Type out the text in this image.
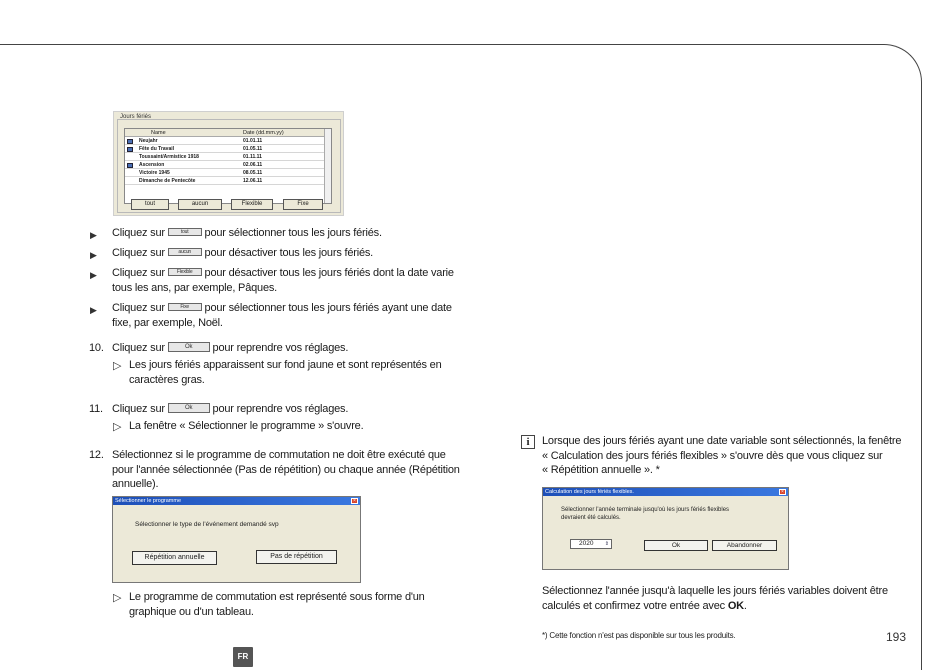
Jours fériés
Name	Date (dd.mm.yy)
Neujahr	01.01.11
Fête du Travail	01.05.11
Toussaint/Armistice 1918	01.11.11
Ascension	02.06.11
Victoire 1945	08.05.11
Dimanche de Pentecôte	12.06.11
tout	aucun	Flexible	Fixe
▶ Cliquez sur	tout pour sélectionner tous les jours fériés.
▶ Cliquez sur	aucun pour désactiver tous les jours fériés.
▶ Cliquez sur Flexible pour désactiver tous les jours fériés dont la date varie
tous les ans, par exemple, Pâques.
▶ Cliquez sur	Fixe pour sélectionner tous les jours fériés ayant une date
fixe, par exemple, Noël.
10. Cliquez sur	Ok pour reprendre vos réglages.
▷ Les jours fériés apparaissent sur fond jaune et sont représentés en
caractères gras.
11. Cliquez sur	Ok pour reprendre vos réglages.
▷ La fenêtre « Sélectionner le programme » s'ouvre.
12. Sélectionnez si le programme de commutation ne doit être exécuté que
pour l'année sélectionnée (Pas de répétition) ou chaque année (Répétition
annuelle).
Sélectionner le programme	×
Sélectionner le type de l'événement demandé svp
Répétition annuelle	Pas de répétition
▷ Le programme de commutation est représenté sous forme d'un
graphique ou d'un tableau.
FR
i	Lorsque des jours fériés ayant une date variable sont sélectionnés, la fenêtre
« Calculation des jours fériés flexibles » s'ouvre dès que vous cliquez sur
« Répétition annuelle ». *
Calculation des jours fériés flexibles.	×
Sélectionner l'année terminale jusqu'où les jours fériés flexibles
devraient été calculés.
2020 ⇕	Ok	Abandonner
Sélectionnez l'année jusqu'à laquelle les jours fériés variables doivent être
calculés et confirmez votre entrée avec OK.
*) Cette fonction n'est pas disponible sur tous les produits.	193
